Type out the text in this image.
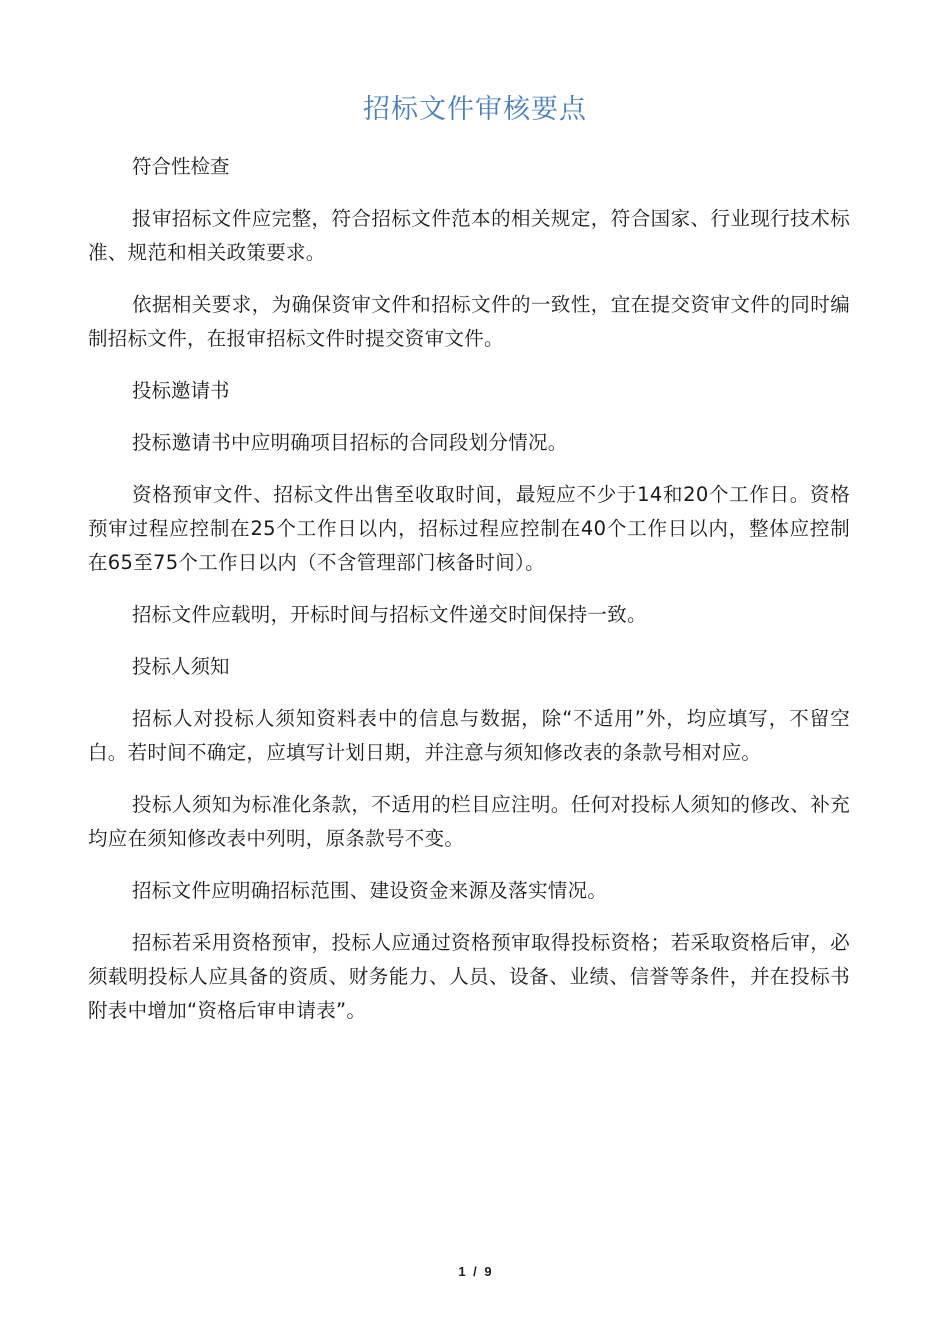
招标文件审核要点

符合性检查

报审招标文件应完整，符合招标文件范本的相关规定，符合国家、行业现行技术标准、规范和相关政策要求。

依据相关要求，为确保资审文件和招标文件的一致性，宜在提交资审文件的同时编制招标文件，在报审招标文件时提交资审文件。

投标邀请书

投标邀请书中应明确项目招标的合同段划分情况。

资格预审文件、招标文件出售至收取时间，最短应不少于14和20个工作日。资格预审过程应控制在25个工作日以内，招标过程应控制在40个工作日以内，整体应控制在65至75个工作日以内（不含管理部门核备时间）。

招标文件应载明，开标时间与招标文件递交时间保持一致。

投标人须知

招标人对投标人须知资料表中的信息与数据，除“不适用”外，均应填写，不留空白。若时间不确定，应填写计划日期，并注意与须知修改表的条款号相对应。

投标人须知为标准化条款，不适用的栏目应注明。任何对投标人须知的修改、补充均应在须知修改表中列明，原条款号不变。

招标文件应明确招标范围、建设资金来源及落实情况。

招标若采用资格预审，投标人应通过资格预审取得投标资格；若采取资格后审，必须载明投标人应具备的资质、财务能力、人员、设备、业绩、信誉等条件，并在投标书附表中增加“资格后审申请表”。

1 / 9
